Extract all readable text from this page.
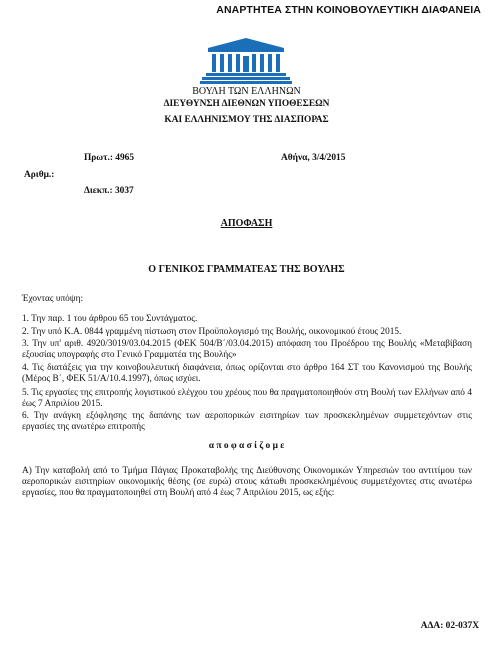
ΑΝΑΡΤΗΤΕΑ ΣΤΗΝ ΚΟΙΝΟΒΟΥΛΕΥΤΙΚΗ ΔΙΑΦΑΝΕΙΑ
ΒΟΥΛΗ ΤΩΝ ΕΛΛΗΝΩΝ
ΔΙΕΥΘΥΝΣΗ ΔΙΕΘΝΩΝ ΥΠΟΘΕΣΕΩΝ
ΚΑΙ ΕΛΛΗΝΙΣΜΟΥ ΤΗΣ ΔΙΑΣΠΟΡΑΣ
Πρωτ.: 4965	Αθήνα, 3/4/2015
Αριθμ.:
Διεκπ.: 3037
ΑΠΟΦΑΣΗ
Ο ΓΕΝΙΚΟΣ ΓΡΑΜΜΑΤΕΑΣ ΤΗΣ ΒΟΥΛΗΣ
Έχοντας υπόψη:
1. Την παρ. 1 του άρθρου 65 του Συντάγματος.
2. Την υπό Κ.Α. 0844 γραμμένη πίστωση στον Προϋπολογισμό της Βουλής, οικονομικού έτους 2015.
3. Την υπ' αριθ. 4920/3019/03.04.2015 (ΦΕΚ 504/Β΄/03.04.2015) απόφαση του Προέδρου της Βουλής «Μεταβίβαση εξουσίας υπογραφής στο Γενικό Γραμματέα της Βουλής»
4. Τις διατάξεις για την κοινοβουλευτική διαφάνεια, όπως ορίζονται στο άρθρο 164 ΣΤ του Κανονισμού της Βουλής (Μέρος Β΄, ΦΕΚ 51/Α/10.4.1997), όπως ισχύει.
5. Τις εργασίες της επιτροπής λογιστικού ελέγχου του χρέους που θα πραγματοποιηθούν στη Βουλή των Ελλήνων από 4 έως 7 Απριλίου 2015.
6. Την ανάγκη εξόφλησης της δαπάνης των αεροπορικών εισιτηρίων των προσκεκλημένων συμμετεχόντων στις εργασίες της ανωτέρω επιτροπής
α π ο φ α σ ί ζ ο μ ε
Α) Την καταβολή από το Τμήμα Πάγιας Προκαταβολής της Διεύθυνσης Οικονομικών Υπηρεσιών του αντιτίμου των αεροπορικών εισιτηρίων οικονομικής θέσης (σε ευρώ) στους κάτωθι προσκεκλημένους συμμετέχοντες στις ανωτέρω εργασίες, που θα πραγματοποιηθεί στη Βουλή από 4 έως 7 Απριλίου 2015, ως εξής:
ΑΔΑ: 02-037Χ
